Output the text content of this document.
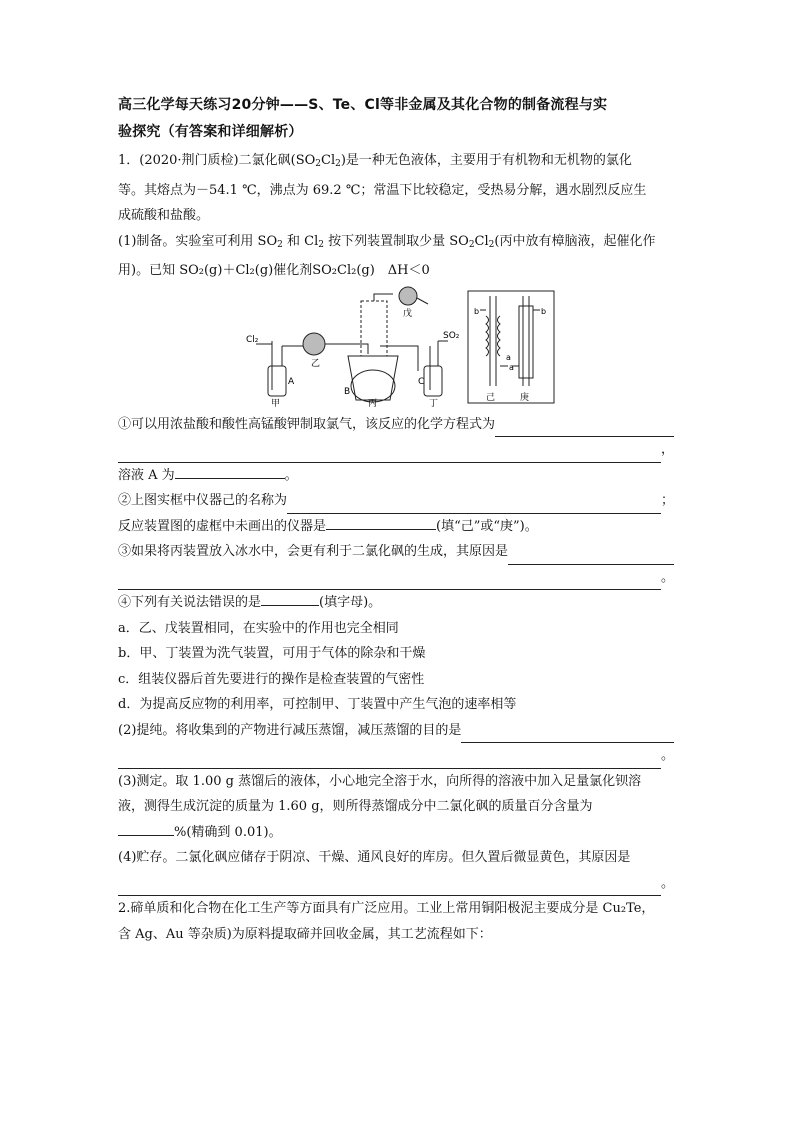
高三化学每天练习20分钟——S、Te、Cl等非金属及其化合物的制备流程与实
验探究（有答案和详细解析）

1．(2020·荆门质检)二氯化砜$(SO_2Cl_2)$是一种无色液体，主要用于有机物和无机物的氯化

等。其熔点为－54.1 ℃，沸点为 69.2 ℃；常温下比较稳定，受热易分解，遇水剧烈反应生

成硫酸和盐酸。

(1)制备。实验室可利用 $SO_2$ 和 $Cl_2$ 按下列装置制取少量 $SO_2Cl_2$(丙中放有樟脑液，起催化作

用)。已知 SO₂(g)＋Cl₂(g)催化剂SO₂Cl₂(g)　ΔH＜0

Cl₂	SO₂
A
B
C
甲
乙
丙	丁
戊
己	庚
b
a
b
a

①可以用浓盐酸和酸性高锰酸钾制取氯气，该反应的化学方程式为

，

溶液 A 为	。

②上图实框中仪器己的名称为	；

反应装置图的虚框中未画出的仪器是	(填“己”或“庚”)。

③如果将丙装置放入冰水中，会更有利于二氯化砜的生成，其原因是

。

④下列有关说法错误的是	(填字母)。

a．乙、戊装置相同，在实验中的作用也完全相同

b．甲、丁装置为洗气装置，可用于气体的除杂和干燥

c．组装仪器后首先要进行的操作是检查装置的气密性

d．为提高反应物的利用率，可控制甲、丁装置中产生气泡的速率相等

(2)提纯。将收集到的产物进行减压蒸馏，减压蒸馏的目的是

。

(3)测定。取 1.00 g 蒸馏后的液体，小心地完全溶于水，向所得的溶液中加入足量氯化钡溶

液，测得生成沉淀的质量为 1.60 g，则所得蒸馏成分中二氯化砜的质量百分含量为

%(精确到 0.01)。

(4)贮存。二氯化砜应储存于阴凉、干燥、通风良好的库房。但久置后微显黄色，其原因是

。

2.碲单质和化合物在化工生产等方面具有广泛应用。工业上常用铜阳极泥主要成分是 Cu₂Te，

含 Ag、Au 等杂质)为原料提取碲并回收金属，其工艺流程如下：
